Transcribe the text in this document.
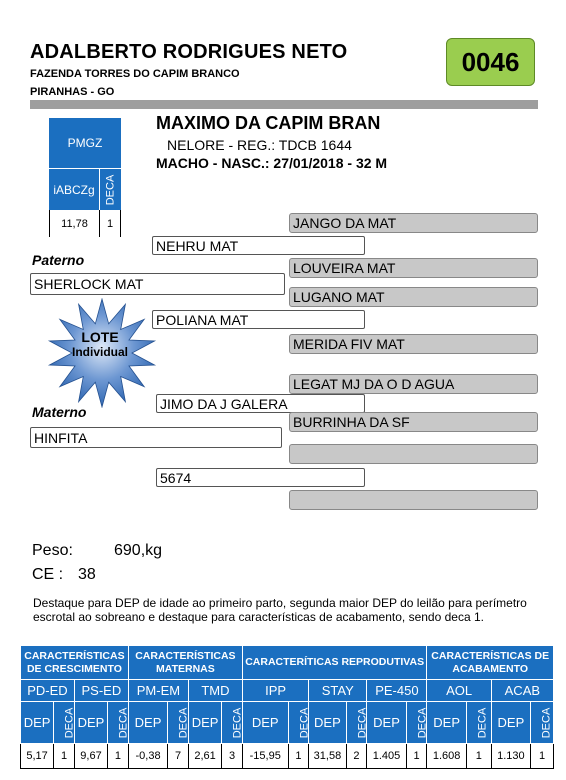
ADALBERTO RODRIGUES NETO
FAZENDA TORRES DO CAPIM BRANCO
PIRANHAS - GO
0046
PMGZ
iABCZg DECA
11,78	1
MAXIMO DA CAPIM BRAN
NELORE - REG.: TDCB 1644
MACHO - NASC.: 27/01/2018 - 32 M
JANGO DA MAT
NEHRU MAT
LOUVEIRA MAT
Paterno
SHERLOCK MAT
LUGANO MAT
POLIANA MAT
MERIDA FIV MAT
LEGAT MJ DA O D AGUA
JIMO DA J GALERA
Materno
BURRINHA DA SF
HINFITA
5674
LOTE
Individual
Peso:	690,kg
CE : 38
Destaque para DEP de idade ao primeiro parto, segunda maior DEP do leilão para perímetro escrotal ao sobreano e destaque para características de acabamento, sendo deca 1.
CARACTERÍSTICAS DE CRESCIMENTO				CARACTERÍSTICAS MATERNAS				CARACTERÍTICAS REPRODUTIVAS						CARACTERÍSTICAS DE ACABAMENTO			
PD-ED		PS-ED		PM-EM		TMD		IPP		STAY		PE-450		AOL		ACAB	
DEP	DECA	DEP	DECA	DEP	DECA	DEP	DECA	DEP	DECA	DEP	DECA	DEP	DECA	DEP	DECA	DEP	DECA
5,17	1	9,67	1	-0,38	7	2,61	3	-15,95	1	31,58	2	1.405	1	1.608	1	1.130	1
